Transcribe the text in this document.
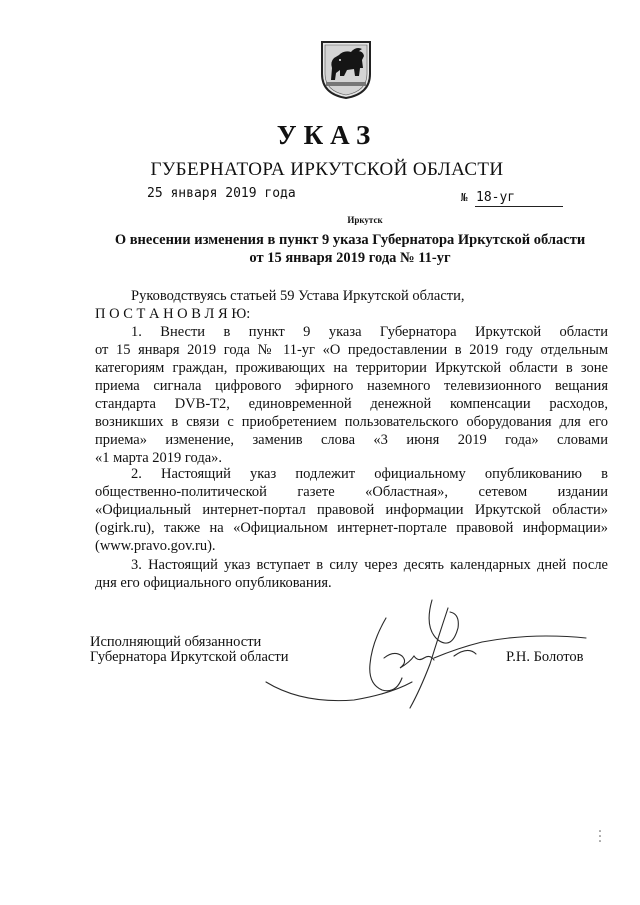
УКАЗ
ГУБЕРНАТОРА ИРКУТСКОЙ ОБЛАСТИ
25 января 2019 года	№ 18-уг
Иркутск
О внесении изменения в пункт 9 указа Губернатора Иркутской области
от 15 января 2019 года № 11-уг
Руководствуясь статьей 59 Устава Иркутской области,
П О С Т А Н О В Л Я Ю:
1. Внести в пункт 9 указа Губернатора Иркутской области
от 15 января 2019 года № 11-уг «О предоставлении в 2019 году отдельным
категориям граждан, проживающих на территории Иркутской области в зоне
приема сигнала цифрового эфирного наземного телевизионного вещания
стандарта DVB-T2, единовременной денежной компенсации расходов,
возникших в связи с приобретением пользовательского оборудования для его
приема» изменение, заменив слова «3 июня 2019 года» словами
«1 марта 2019 года».
2. Настоящий указ подлежит официальному опубликованию в
общественно-политической газете «Областная», сетевом издании
«Официальный интернет-портал правовой информации Иркутской области»
(ogirk.ru), также на «Официальном интернет-портале правовой информации»
(www.pravo.gov.ru).
3. Настоящий указ вступает в силу через десять календарных дней после
дня его официального опубликования.
Исполняющий обязанности
Губернатора Иркутской области	Р.Н. Болотов
